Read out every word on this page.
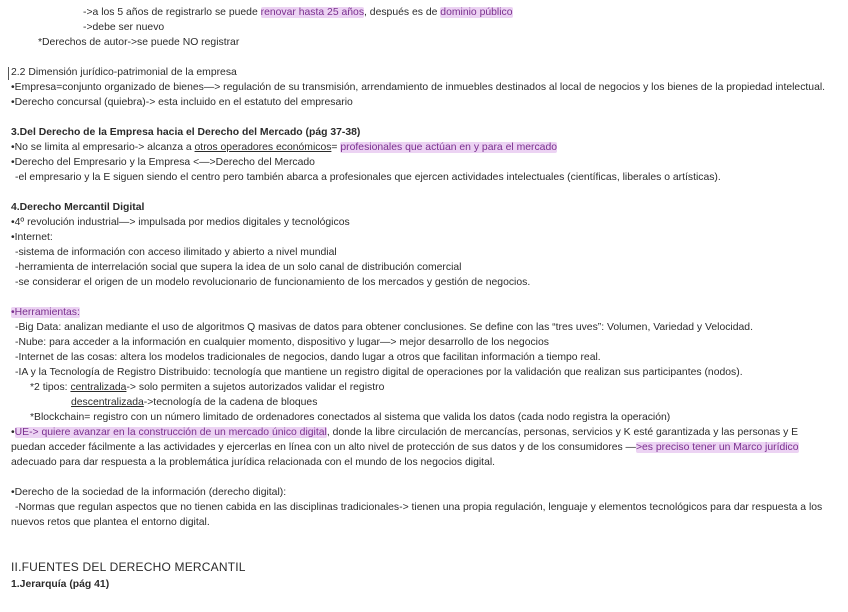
->a los 5 años de registrarlo se puede renovar hasta 25 años, después es de dominio público
->debe ser nuevo
*Derechos de autor->se puede NO registrar
2.2 Dimensión jurídico-patrimonial de la empresa
•Empresa=conjunto organizado de bienes—> regulación de su transmisión, arrendamiento de inmuebles destinados al local de negocios y los bienes de la propiedad intelectual.
•Derecho concursal (quiebra)-> esta incluido en el estatuto del empresario
3.Del Derecho de la Empresa hacia el Derecho del Mercado (pág 37-38)
•No se limita al empresario-> alcanza a otros operadores económicos= profesionales que actúan en y para el mercado
•Derecho del Empresario y la Empresa <—>Derecho del Mercado
-el empresario y la E siguen siendo el centro pero también abarca a profesionales que ejercen actividades intelectuales (científicas, liberales o artísticas).
4.Derecho Mercantil Digital
•4º revolución industrial—> impulsada por medios digitales y tecnológicos
•Internet:
-sistema de información con acceso ilimitado y abierto a nivel mundial
-herramienta de interrelación social que supera la idea de un solo canal de distribución comercial
-se considerar el origen de un modelo revolucionario de funcionamiento de los mercados y gestión de negocios.
•Herramientas:
-Big Data: analizan mediante el uso de algoritmos Q masivas de datos para obtener conclusiones. Se define con las “tres uves”: Volumen, Variedad y Velocidad.
-Nube: para acceder a la información en cualquier momento, dispositivo y lugar—> mejor desarrollo de los negocios
-Internet de las cosas: altera los modelos tradicionales de negocios, dando lugar a otros que facilitan información a tiempo real.
-IA y la Tecnología de Registro Distribuido: tecnología que mantiene un registro digital de operaciones por la validación que realizan sus participantes (nodos).
*2 tipos: centralizada-> solo permiten a sujetos autorizados validar el registro
descentralizada->tecnología de la cadena de bloques
*Blockchain= registro con un número limitado de ordenadores conectados al sistema que valida los datos (cada nodo registra la operación)
•UE-> quiere avanzar en la construcción de un mercado único digital, donde la libre circulación de mercancías, personas, servicios y K esté garantizada y las personas y E
puedan acceder fácilmente a las actividades y ejercerlas en línea con un alto nivel de protección de sus datos y de los consumidores —>es preciso tener un Marco jurídico
adecuado para dar respuesta a la problemática jurídica relacionada con el mundo de los negocios digital.
•Derecho de la sociedad de la información (derecho digital):
-Normas que regulan aspectos que no tienen cabida en las disciplinas tradicionales-> tienen una propia regulación, lenguaje y elementos tecnológicos para dar respuesta a los
nuevos retos que plantea el entorno digital.
II.FUENTES DEL DERECHO MERCANTIL
1.Jerarquía (pág 41)
